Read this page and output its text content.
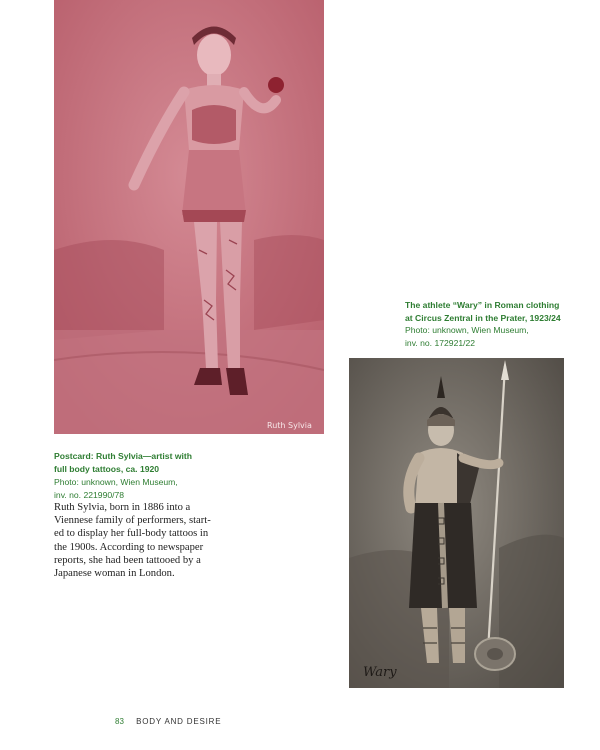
Ruth Sylvia
Wary

The athlete “Wary” in Roman clothing
at Circus Zentral in the Prater, 1923/24

Photo: unknown, Wien Museum,
inv. no. 172921/22

Postcard: Ruth Sylvia—artist with
full body tattoos, ca. 1920

Photo: unknown, Wien Museum,
inv. no. 221990/78

Ruth Sylvia, born in 1886 into a
Viennese family of performers, start-
ed to display her full-body tattoos in
the 1900s. According to newspaper
reports, she had been tattooed by a
Japanese woman in London.

83 BODY AND DESIRE
